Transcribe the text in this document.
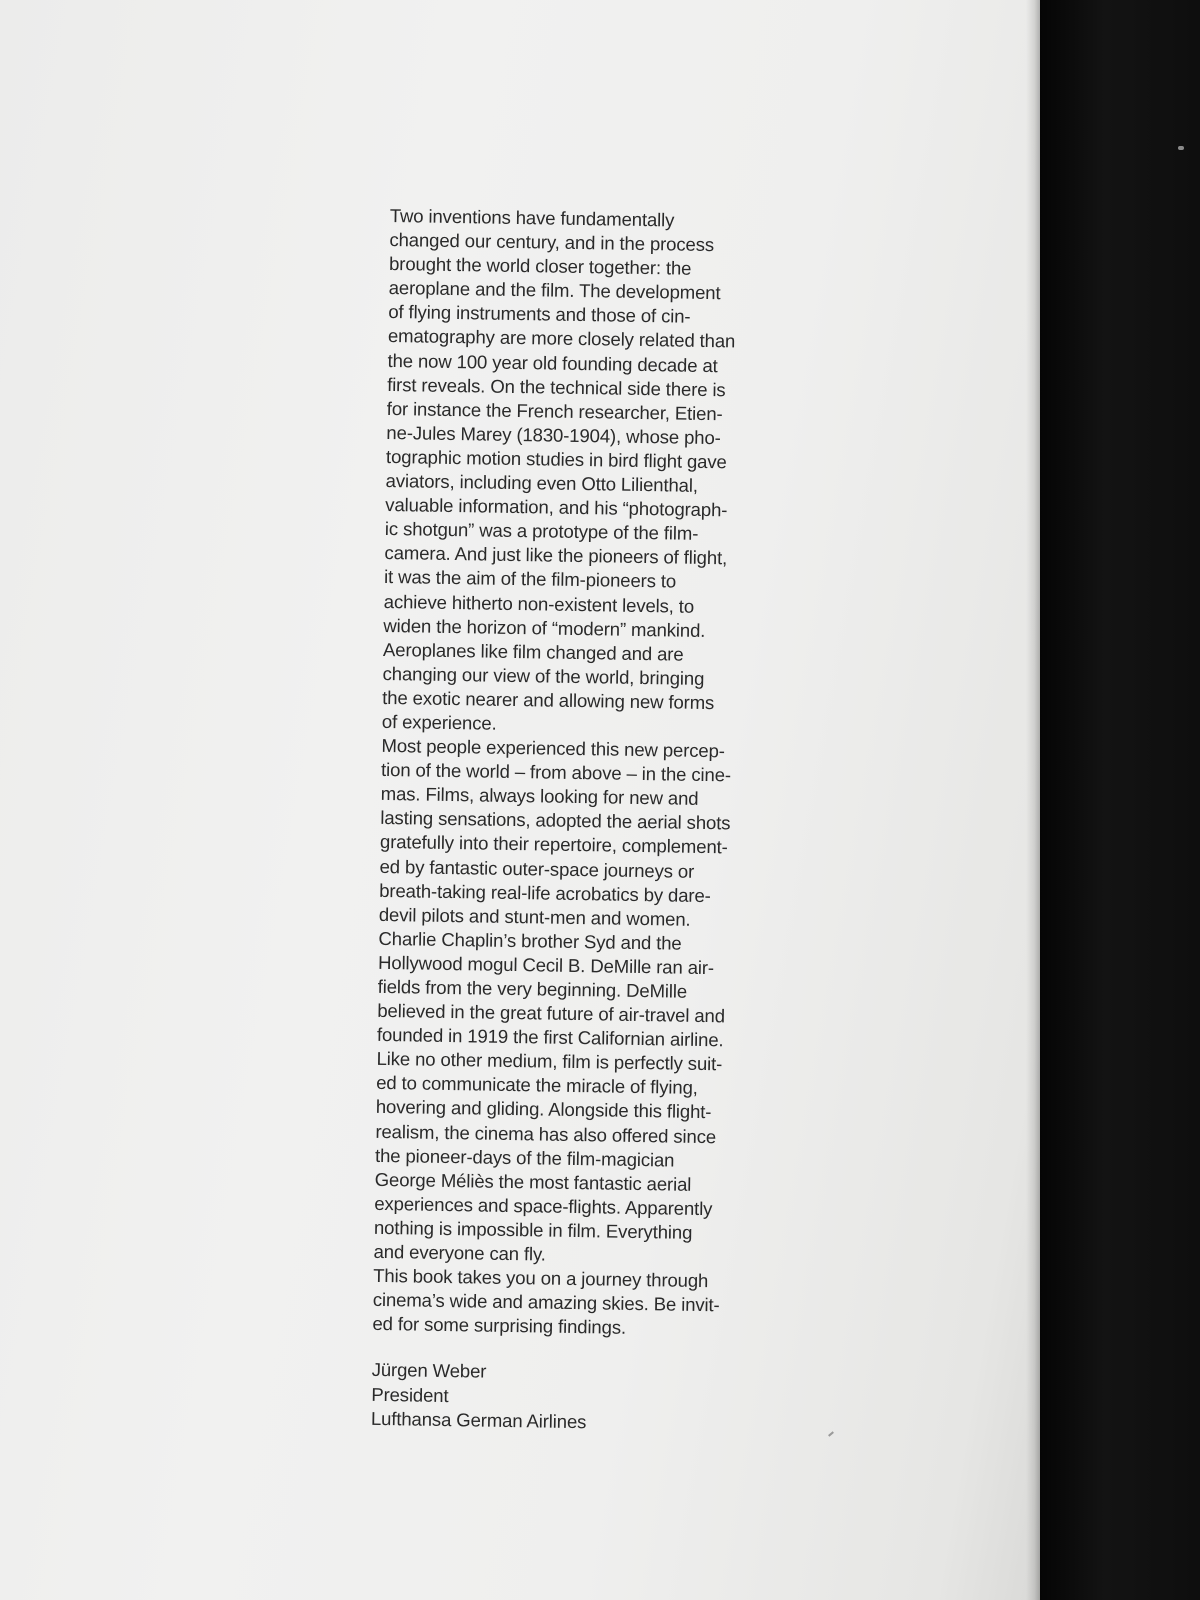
Two inventions have fundamentally
changed our century, and in the process
brought the world closer together: the
aeroplane and the film. The development
of flying instruments and those of cin-
ematography are more closely related than
the now 100 year old founding decade at
first reveals. On the technical side there is
for instance the French researcher, Etien-
ne-Jules Marey (1830-1904), whose pho-
tographic motion studies in bird flight gave
aviators, including even Otto Lilienthal,
valuable information, and his “photograph-
ic shotgun” was a prototype of the film-
camera. And just like the pioneers of flight,
it was the aim of the film-pioneers to
achieve hitherto non-existent levels, to
widen the horizon of “modern” mankind.
Aeroplanes like film changed and are
changing our view of the world, bringing
the exotic nearer and allowing new forms
of experience.
Most people experienced this new percep-
tion of the world – from above – in the cine-
mas. Films, always looking for new and
lasting sensations, adopted the aerial shots
gratefully into their repertoire, complement-
ed by fantastic outer-space journeys or
breath-taking real-life acrobatics by dare-
devil pilots and stunt-men and women.
Charlie Chaplin’s brother Syd and the
Hollywood mogul Cecil B. DeMille ran air-
fields from the very beginning. DeMille
believed in the great future of air-travel and
founded in 1919 the first Californian airline.
Like no other medium, film is perfectly suit-
ed to communicate the miracle of flying,
hovering and gliding. Alongside this flight-
realism, the cinema has also offered since
the pioneer-days of the film-magician
George Méliès the most fantastic aerial
experiences and space-flights. Apparently
nothing is impossible in film. Everything
and everyone can fly.
This book takes you on a journey through
cinema’s wide and amazing skies. Be invit-
ed for some surprising findings.
Jürgen Weber
President
Lufthansa German Airlines
